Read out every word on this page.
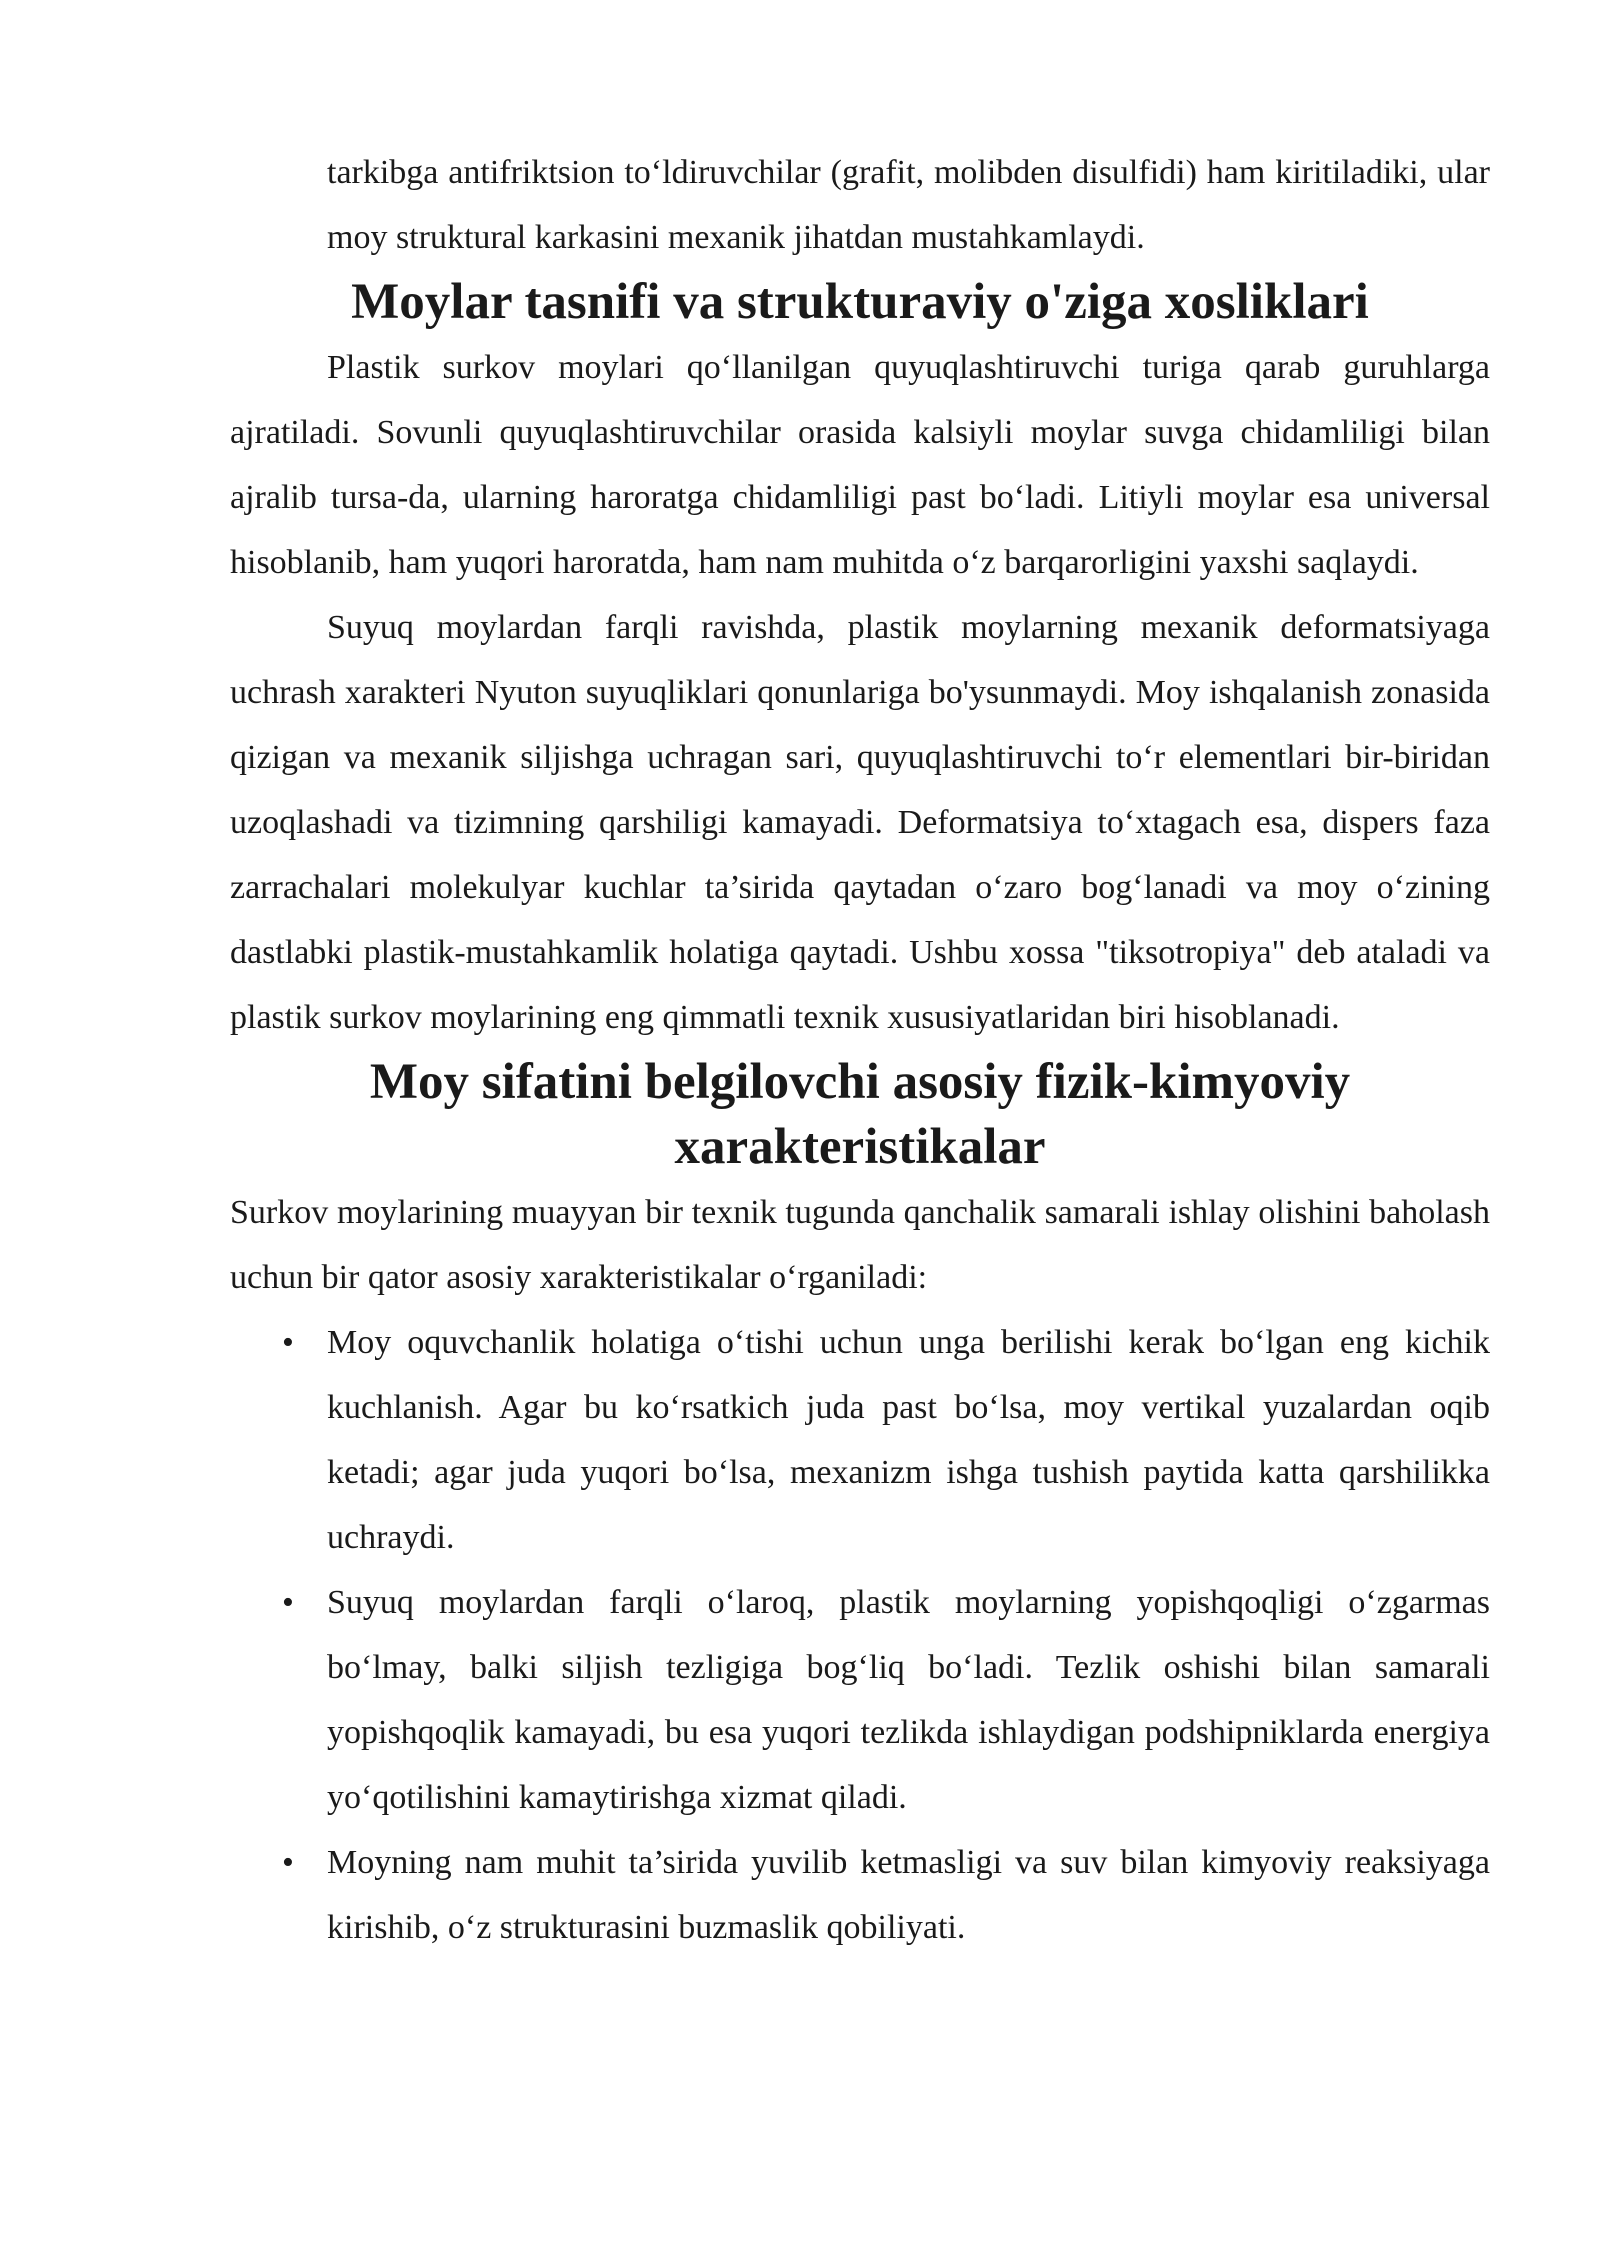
tarkibga antifriktsion to‘ldiruvchilar (grafit, molibden disulfidi) ham kiritiladiki, ular moy struktural karkasini mexanik jihatdan mustahkamlaydi.

Moylar tasnifi va strukturaviy o'ziga xosliklari

Plastik surkov moylari qo‘llanilgan quyuqlashtiruvchi turiga qarab guruhlarga ajratiladi. Sovunli quyuqlashtiruvchilar orasida kalsiyli moylar suvga chidamliligi bilan ajralib tursa-da, ularning haroratga chidamliligi past bo‘ladi. Litiyli moylar esa universal hisoblanib, ham yuqori haroratda, ham nam muhitda o‘z barqarorligini yaxshi saqlaydi.

Suyuq moylardan farqli ravishda, plastik moylarning mexanik deformatsiyaga uchrash xarakteri Nyuton suyuqliklari qonunlariga bo'ysunmaydi. Moy ishqalanish zonasida qizigan va mexanik siljishga uchragan sari, quyuqlashtiruvchi to‘r elementlari bir-biridan uzoqlashadi va tizimning qarshiligi kamayadi. Deformatsiya to‘xtagach esa, dispers faza zarrachalari molekulyar kuchlar ta’sirida qaytadan o‘zaro bog‘lanadi va moy o‘zining dastlabki plastik-mustahkamlik holatiga qaytadi. Ushbu xossa "tiksotropiya" deb ataladi va plastik surkov moylarining eng qimmatli texnik xususiyatlaridan biri hisoblanadi.

Moy sifatini belgilovchi asosiy fizik-kimyoviy xarakteristikalar

Surkov moylarining muayyan bir texnik tugunda qanchalik samarali ishlay olishini baholash uchun bir qator asosiy xarakteristikalar o‘rganiladi:

• Moy oquvchanlik holatiga o‘tishi uchun unga berilishi kerak bo‘lgan eng kichik kuchlanish. Agar bu ko‘rsatkich juda past bo‘lsa, moy vertikal yuzalardan oqib ketadi; agar juda yuqori bo‘lsa, mexanizm ishga tushish paytida katta qarshilikka uchraydi.
• Suyuq moylardan farqli o‘laroq, plastik moylarning yopishqoqligi o‘zgarmas bo‘lmay, balki siljish tezligiga bog‘liq bo‘ladi. Tezlik oshishi bilan samarali yopishqoqlik kamayadi, bu esa yuqori tezlikda ishlaydigan podshipniklarda energiya yo‘qotilishini kamaytirishga xizmat qiladi.
• Moyning nam muhit ta’sirida yuvilib ketmasligi va suv bilan kimyoviy reaksiyaga kirishib, o‘z strukturasini buzmaslik qobiliyati.
